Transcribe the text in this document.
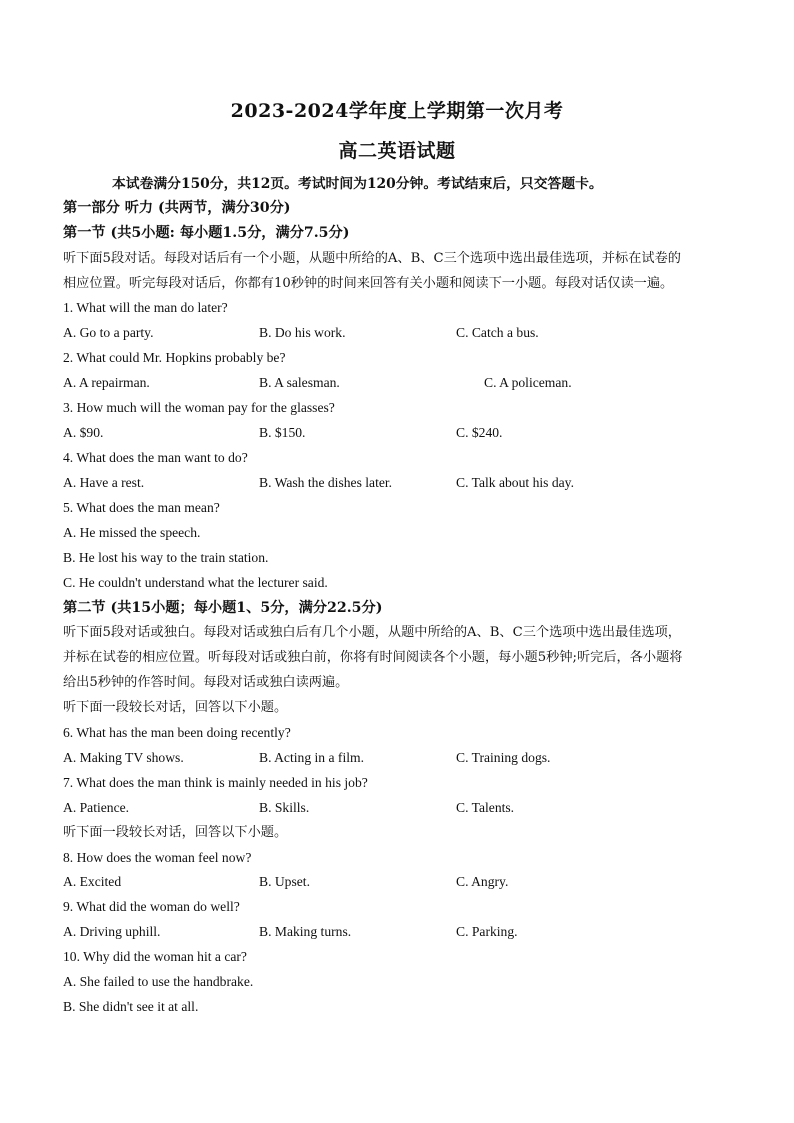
2023-2024学年度上学期第一次月考
高二英语试题
本试卷满分150分，共12页。考试时间为120分钟。考试结束后，只交答题卡。
第一部分 听力 (共两节，满分30分)
第一节 (共5小题: 每小题1.5分，满分7.5分)
听下面5段对话。每段对话后有一个小题，从题中所给的A、B、C三个选项中选出最佳选项，并标在试卷的
相应位置。听完每段对话后，你都有10秒钟的时间来回答有关小题和阅读下一小题。每段对话仅读一遍。
1. What will the man do later?
A. Go to a party.	B. Do his work.	C. Catch a bus.
2. What could Mr. Hopkins probably be?
A. A repairman.	B. A salesman.	C. A policeman.
3. How much will the woman pay for the glasses?
A. $90.	B. $150.	C. $240.
4. What does the man want to do?
A. Have a rest.	B. Wash the dishes later.	C. Talk about his day.
5. What does the man mean?
A. He missed the speech.
B. He lost his way to the train station.
C. He couldn't understand what the lecturer said.
第二节 (共15小题；每小题1、5分，满分22.5分)
听下面5段对话或独白。每段对话或独白后有几个小题，从题中所给的A、B、C三个选项中选出最佳选项，
并标在试卷的相应位置。听每段对话或独白前，你将有时间阅读各个小题，每小题5秒钟;听完后，各小题将
给出5秒钟的作答时间。每段对话或独白读两遍。
听下面一段较长对话，回答以下小题。
6. What has the man been doing recently?
A. Making TV shows.	B. Acting in a film.	C. Training dogs.
7. What does the man think is mainly needed in his job?
A. Patience.	B. Skills.	C. Talents.
听下面一段较长对话，回答以下小题。
8. How does the woman feel now?
A. Excited	B. Upset.	C. Angry.
9. What did the woman do well?
A. Driving uphill.	B. Making turns.	C. Parking.
10. Why did the woman hit a car?
A. She failed to use the handbrake.
B. She didn't see it at all.
